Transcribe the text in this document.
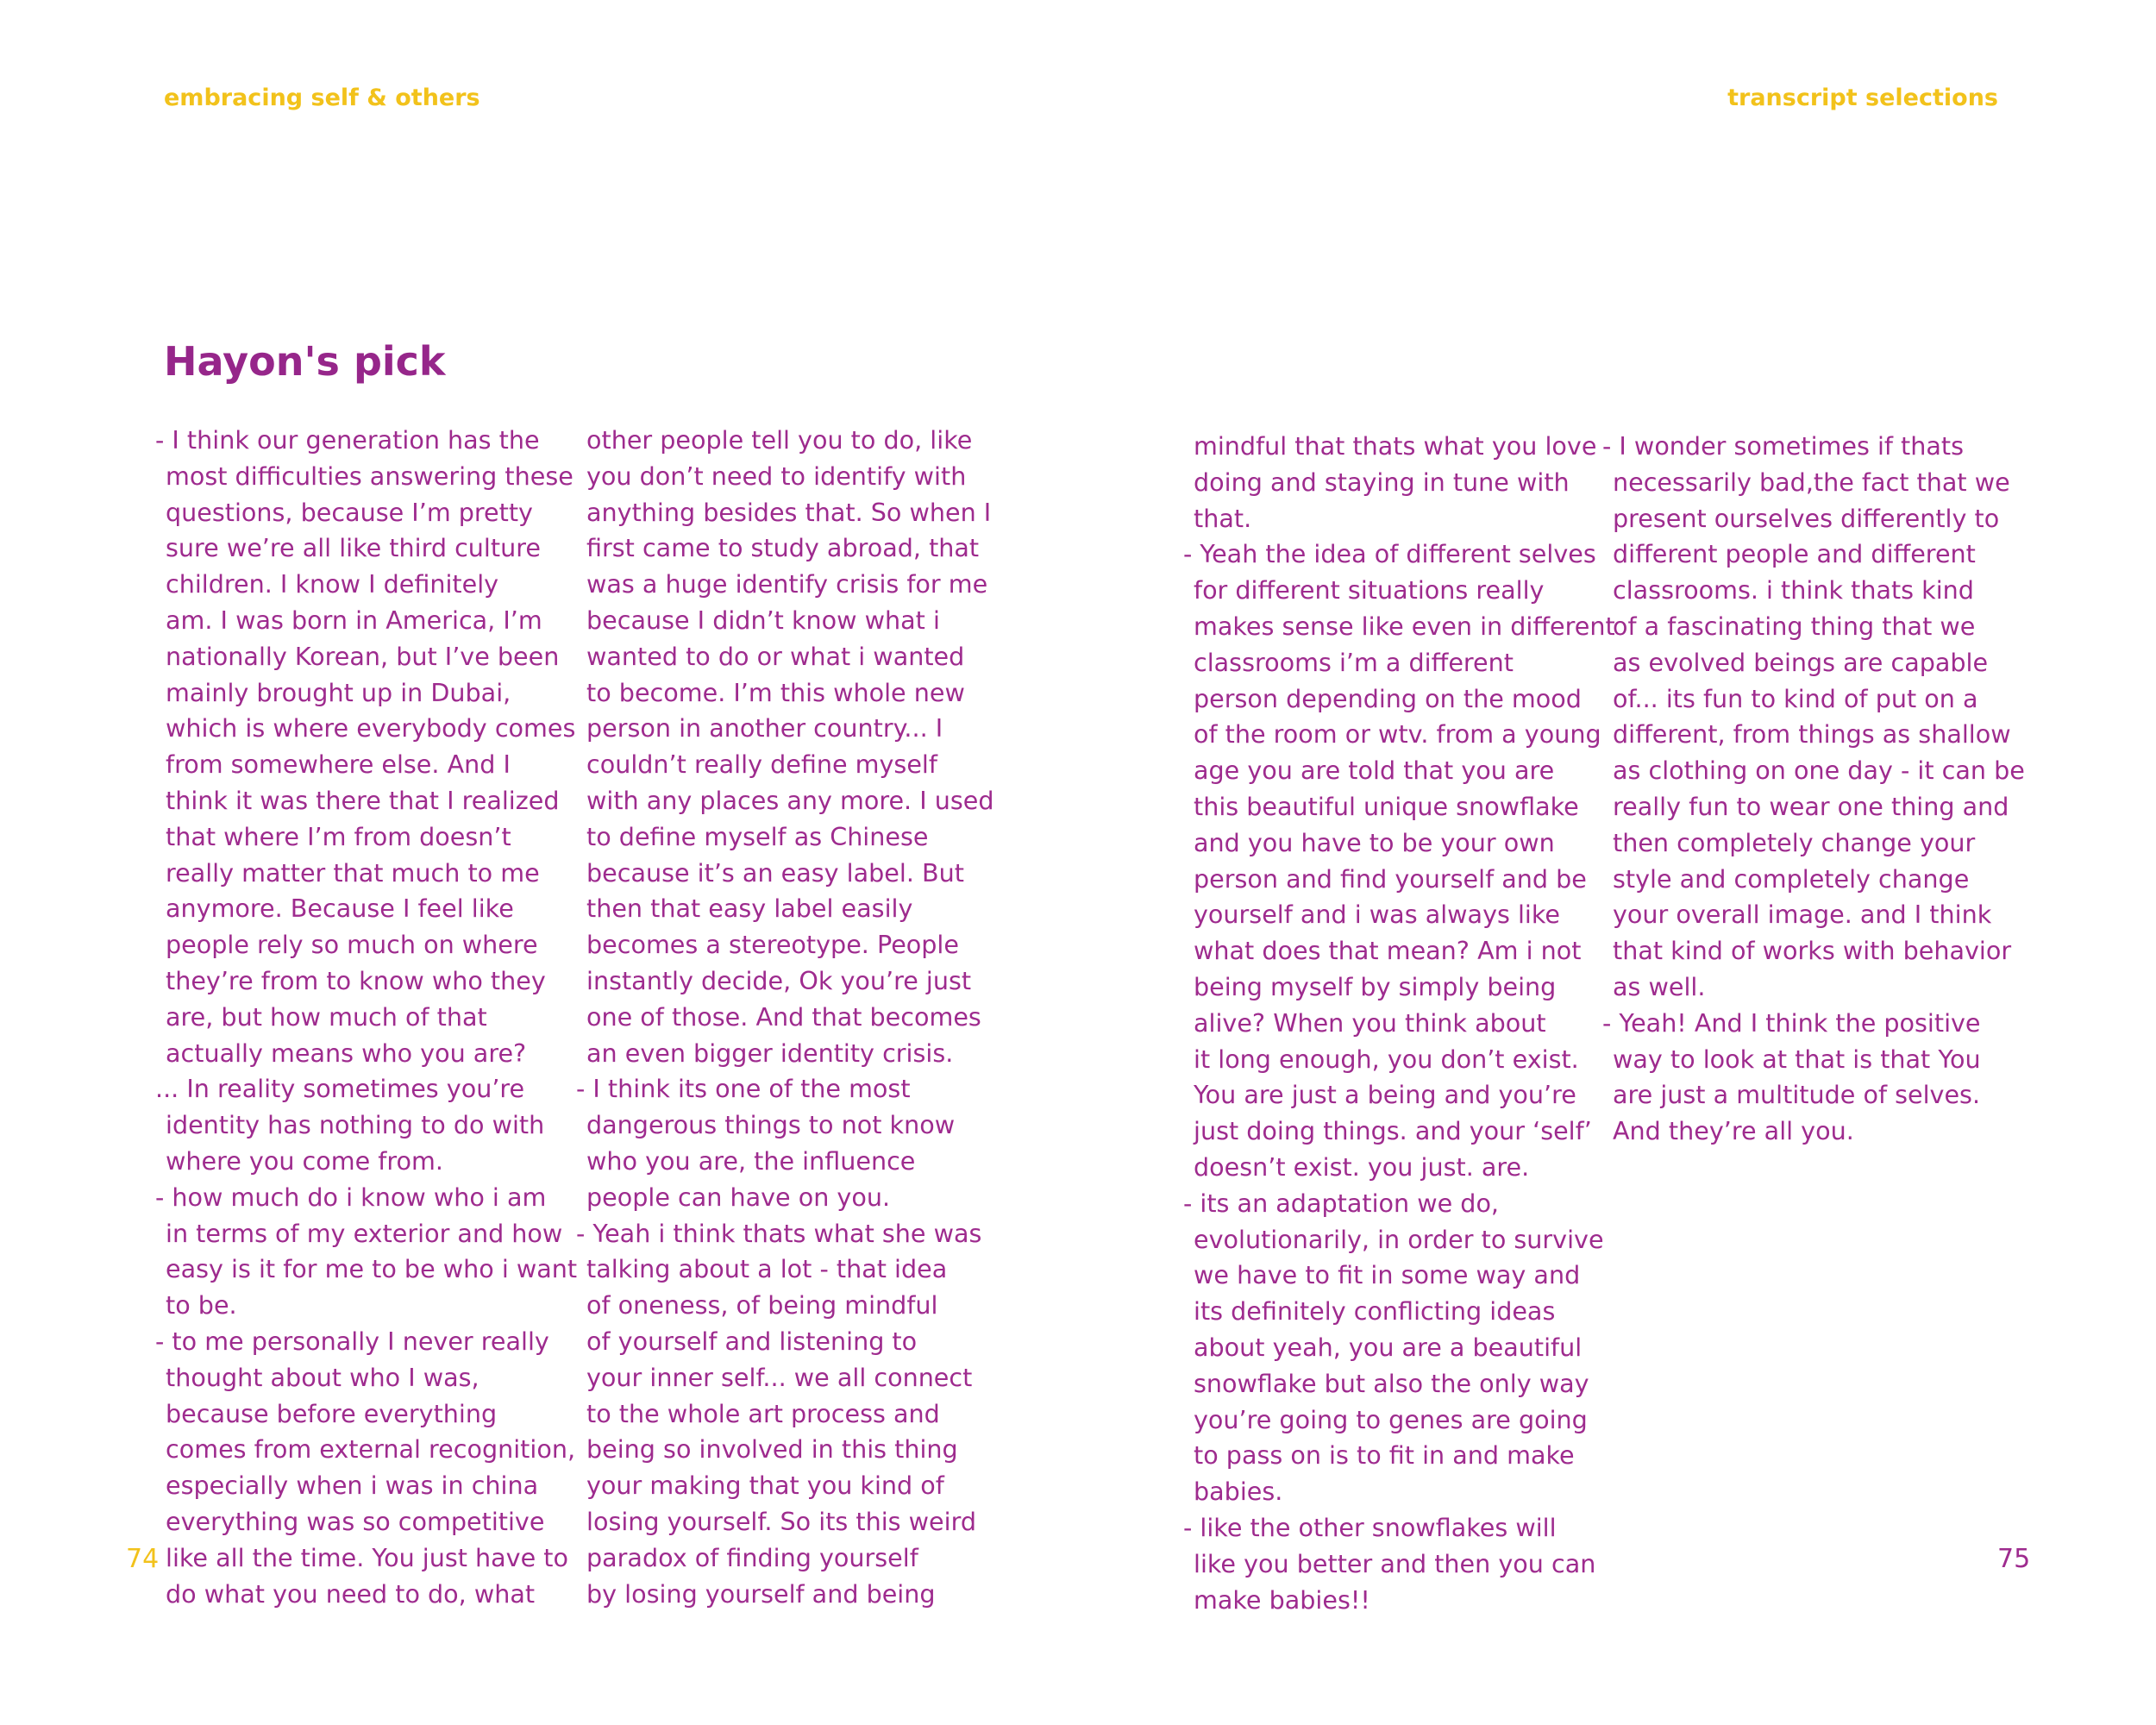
embracing self & others	transcript selections
Hayon's pick
- I think our generation has the
most difficulties answering these
questions, because I’m pretty
sure we’re all like third culture
children. I know I definitely
am. I was born in America, I’m
nationally Korean, but I’ve been
mainly brought up in Dubai,
which is where everybody comes
from somewhere else. And I
think it was there that I realized
that where I’m from doesn’t
really matter that much to me
anymore. Because I feel like
people rely so much on where
they’re from to know who they
are, but how much of that
actually means who you are?
... In reality sometimes you’re
identity has nothing to do with
where you come from.
- how much do i know who i am
in terms of my exterior and how
easy is it for me to be who i want
to be.
- to me personally I never really
thought about who I was,
because before everything
comes from external recognition,
especially when i was in china
everything was so competitive
like all the time. You just have to
do what you need to do, what
other people tell you to do, like
you don’t need to identify with
anything besides that. So when I
first came to study abroad, that
was a huge identify crisis for me
because I didn’t know what i
wanted to do or what i wanted
to become. I’m this whole new
person in another country... I
couldn’t really define myself
with any places any more. I used
to define myself as Chinese
because it’s an easy label. But
then that easy label easily
becomes a stereotype. People
instantly decide, Ok you’re just
one of those. And that becomes
an even bigger identity crisis.
- I think its one of the most
dangerous things to not know
who you are, the influence
people can have on you.
- Yeah i think thats what she was
talking about a lot - that idea
of oneness, of being mindful
of yourself and listening to
your inner self... we all connect
to the whole art process and
being so involved in this thing
your making that you kind of
losing yourself. So its this weird
paradox of finding yourself
by losing yourself and being
mindful that thats what you love
doing and staying in tune with
that.
- Yeah the idea of different selves
for different situations really
makes sense like even in different
classrooms i’m a different
person depending on the mood
of the room or wtv. from a young
age you are told that you are
this beautiful unique snowflake
and you have to be your own
person and find yourself and be
yourself and i was always like
what does that mean? Am i not
being myself by simply being
alive? When you think about
it long enough, you don’t exist.
You are just a being and you’re
just doing things. and your ‘self’
doesn’t exist. you just. are.
- its an adaptation we do,
evolutionarily, in order to survive
we have to fit in some way and
its definitely conflicting ideas
about yeah, you are a beautiful
snowflake but also the only way
you’re going to genes are going
to pass on is to fit in and make
babies.
- like the other snowflakes will
like you better and then you can
make babies!!
- I wonder sometimes if thats
necessarily bad,the fact that we
present ourselves differently to
different people and different
classrooms. i think thats kind
of a fascinating thing that we
as evolved beings are capable
of... its fun to kind of put on a
different, from things as shallow
as clothing on one day - it can be
really fun to wear one thing and
then completely change your
style and completely change
your overall image. and I think
that kind of works with behavior
as well.
- Yeah! And I think the positive
way to look at that is that You
are just a multitude of selves.
And they’re all you.
74	75
